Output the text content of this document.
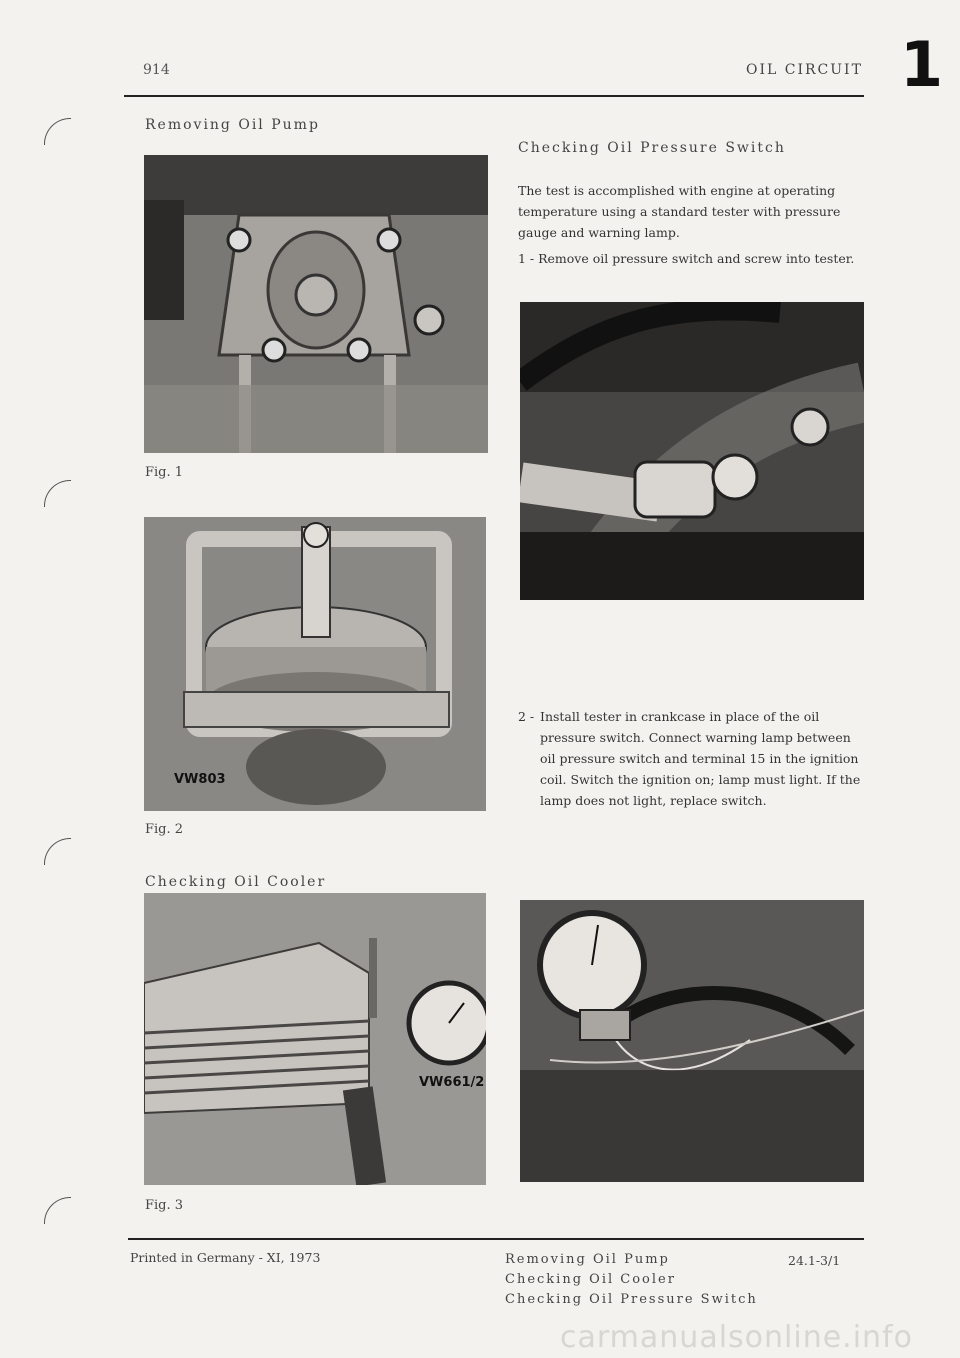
914	OIL CIRCUIT 1
Removing Oil Pump
Fig. 1
VW803
Fig. 2
Checking Oil Cooler
VW661/2
Fig. 3
Checking Oil Pressure Switch
The test is accomplished with engine at operating temperature using a standard tester with pressure gauge and warning lamp.
1 - Remove oil pressure switch and screw into tester.
2 - Install tester in crankcase in place of the oil pressure switch. Connect warning lamp between oil pressure switch and terminal 15 in the ignition coil. Switch the ignition on; lamp must light. If the lamp does not light, replace switch.
Printed in Germany - XI, 1973	Removing Oil Pump
Checking Oil Cooler
Checking Oil Pressure Switch
24.1-3/1
carmanualsonline.info
